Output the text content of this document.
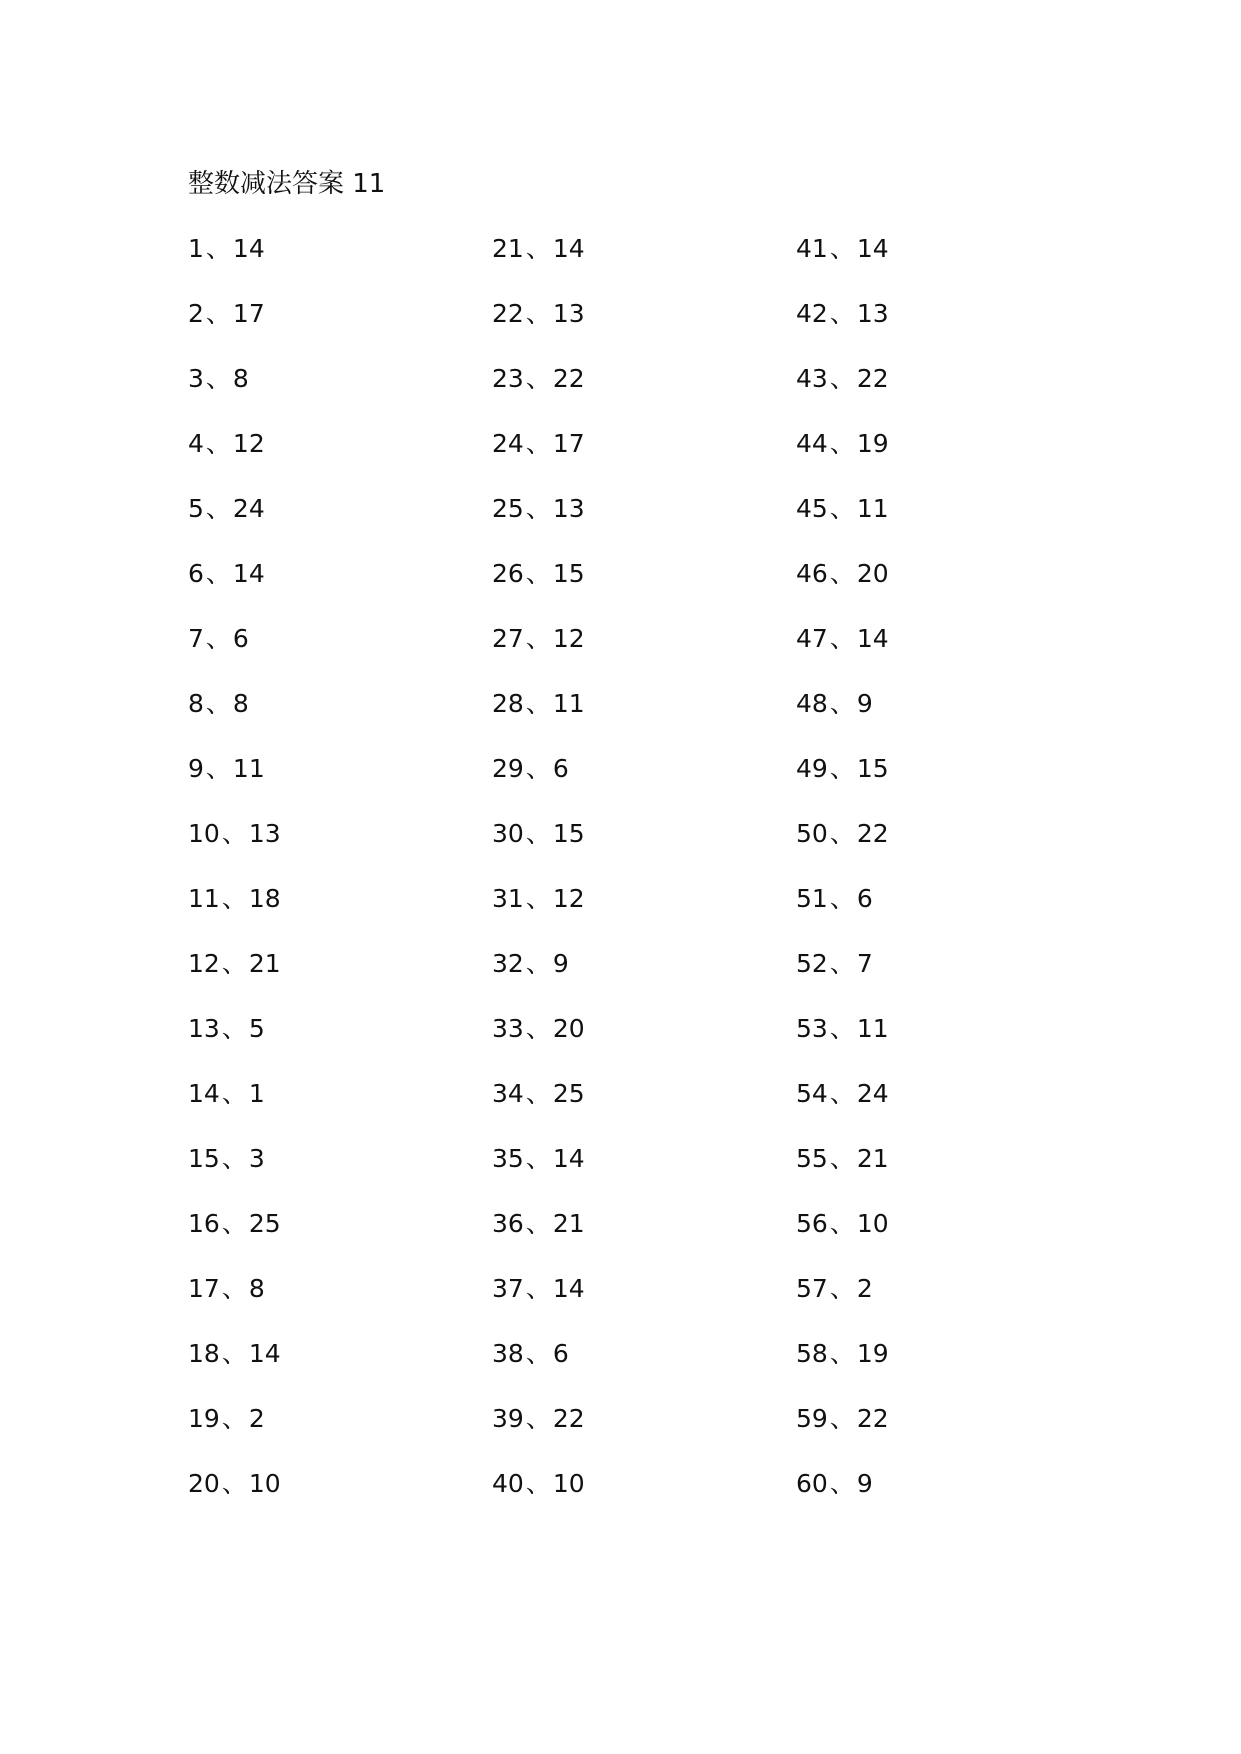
整数减法答案 11
1 、 14
2 、 17
3 、 8
4 、 12
5 、 24
6 、 14
7 、 6
8 、 8
9 、 11
10 、 13
11 、 18
12 、 21
13 、 5
14 、 1
15 、 3
16 、 25
17 、 8
18 、 14
19 、 2
20 、 10
21 、 14
22 、 13
23 、 22
24 、 17
25 、 13
26 、 15
27 、 12
28 、 11
29 、 6
30 、 15
31 、 12
32 、 9
33 、 20
34 、 25
35 、 14
36 、 21
37 、 14
38 、 6
39 、 22
40 、 10
41 、 14
42 、 13
43 、 22
44 、 19
45 、 11
46 、 20
47 、 14
48 、 9
49 、 15
50 、 22
51 、 6
52 、 7
53 、 11
54 、 24
55 、 21
56 、 10
57 、 2
58 、 19
59 、 22
60 、 9
